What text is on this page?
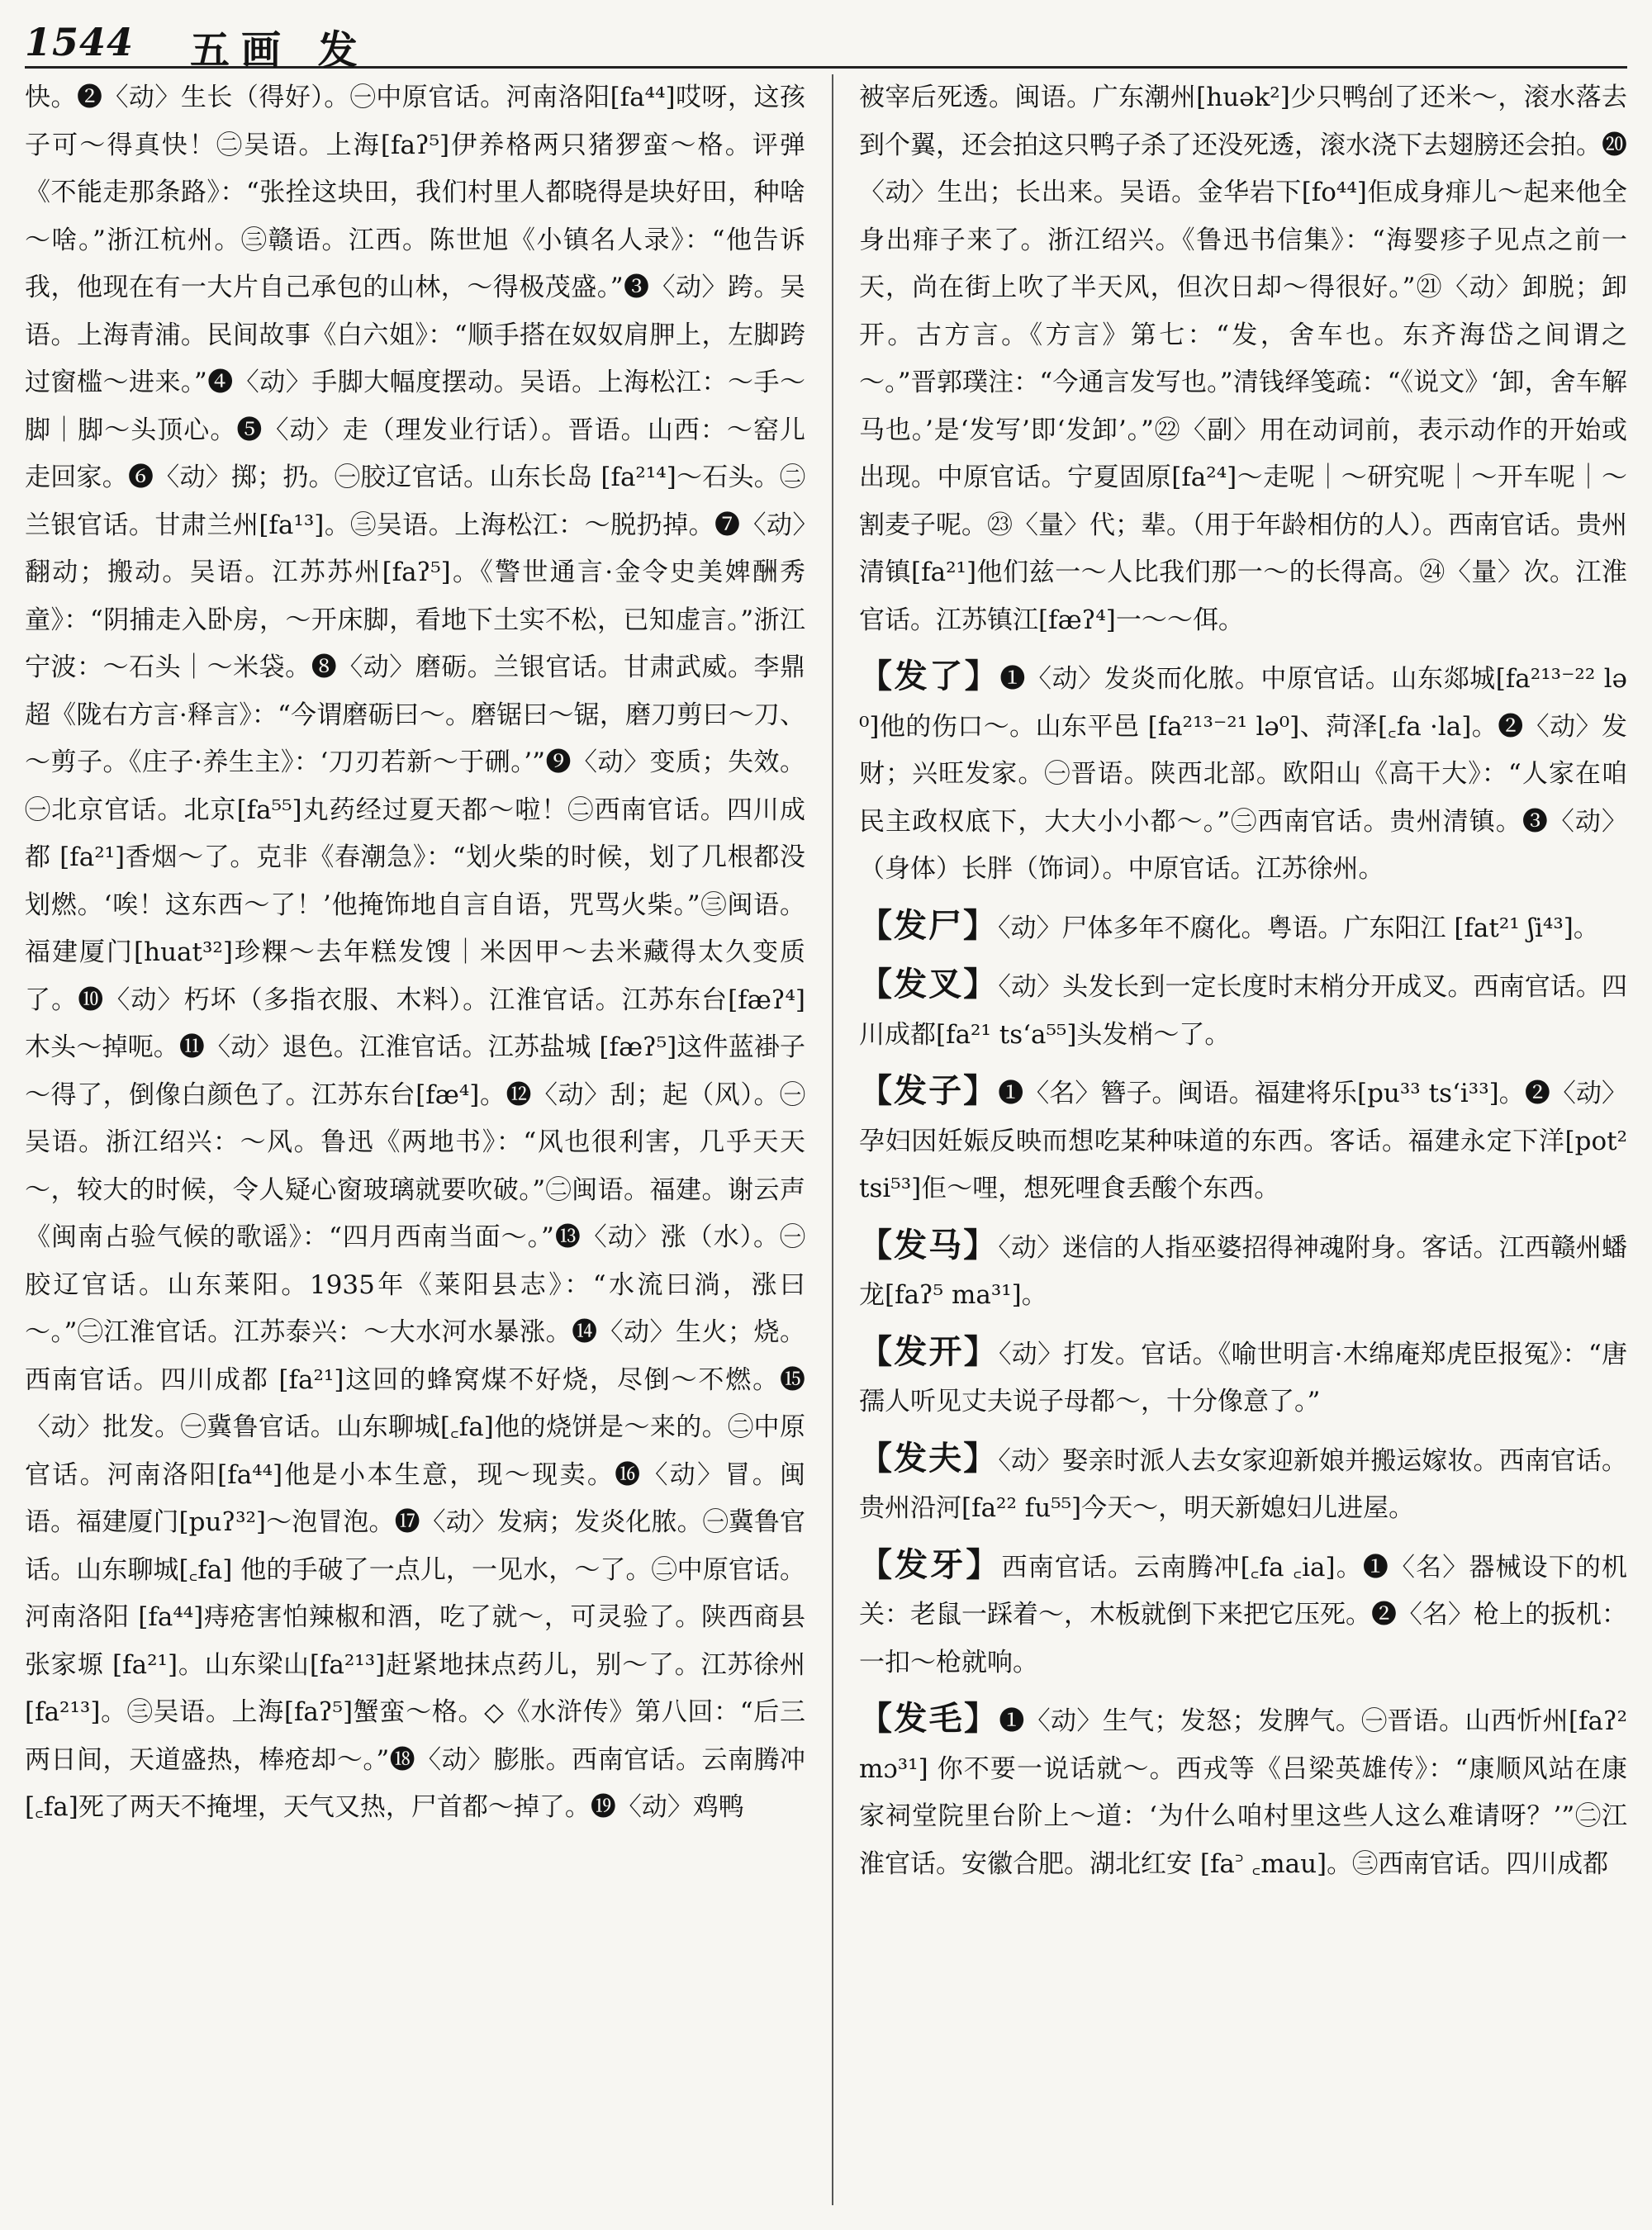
1544 五画 发

快。❷〈动〉生长（得好）。㊀中原官话。河南洛阳[fa⁴⁴]哎呀，这孩子可～得真快！㊁吴语。上海[faʔ⁵]伊养格两只猪猡蛮～格。评弹《不能走那条路》：“张拴这块田，我们村里人都晓得是块好田，种啥～啥。”浙江杭州。㊂赣语。江西。陈世旭《小镇名人录》：“他告诉我，他现在有一大片自己承包的山林，～得极茂盛。”❸〈动〉跨。吴语。上海青浦。民间故事《白六姐》：“顺手搭在奴奴肩胛上，左脚跨过窗槛～进来。”❹〈动〉手脚大幅度摆动。吴语。上海松江：～手～脚｜脚～头顶心。❺〈动〉走（理发业行话）。晋语。山西：～窑儿走回家。❻〈动〉掷；扔。㊀胶辽官话。山东长岛 [fa²¹⁴]～石头。㊁兰银官话。甘肃兰州[fa¹³]。㊂吴语。上海松江：～脱扔掉。❼〈动〉翻动；搬动。吴语。江苏苏州[faʔ⁵]。《警世通言·金令史美婢酬秀童》：“阴捕走入卧房，～开床脚，看地下土实不松，已知虚言。”浙江宁波：～石头｜～米袋。❽〈动〉磨砺。兰银官话。甘肃武威。李鼎超《陇右方言·释言》：“今谓磨砺曰～。磨锯曰～锯，磨刀剪曰～刀、～剪子。《庄子·养生主》：‘刀刃若新～于硎。’”❾〈动〉变质；失效。㊀北京官话。北京[fa⁵⁵]丸药经过夏天都～啦！㊁西南官话。四川成都 [fa²¹]香烟～了。克非《春潮急》：“划火柴的时候，划了几根都没划燃。‘唉！这东西～了！’他掩饰地自言自语，咒骂火柴。”㊂闽语。福建厦门[huat³²]珍粿～去年糕发馊｜米因甲～去米藏得太久变质了。❿〈动〉朽坏（多指衣服、木料）。江淮官话。江苏东台[fæʔ⁴]木头～掉呃。⓫〈动〉退色。江淮官话。江苏盐城 [fæʔ⁵]这件蓝褂子～得了，倒像白颜色了。江苏东台[fæ⁴]。⓬〈动〉刮；起（风）。㊀吴语。浙江绍兴：～风。鲁迅《两地书》：“风也很利害，几乎天天～，较大的时候，令人疑心窗玻璃就要吹破。”㊁闽语。福建。谢云声《闽南占验气候的歌谣》：“四月西南当面～。”⓭〈动〉涨（水）。㊀胶辽官话。山东莱阳。1935年《莱阳县志》：“水流曰淌，涨曰～。”㊁江淮官话。江苏泰兴：～大水河水暴涨。⓮〈动〉生火；烧。西南官话。四川成都 [fa²¹]这回的蜂窝煤不好烧，尽倒～不燃。⓯〈动〉批发。㊀冀鲁官话。山东聊城[꜀fa]他的烧饼是～来的。㊁中原官话。河南洛阳[fa⁴⁴]他是小本生意，现～现卖。⓰〈动〉冒。闽语。福建厦门[puʔ³²]～泡冒泡。⓱〈动〉发病；发炎化脓。㊀冀鲁官话。山东聊城[꜀fa] 他的手破了一点儿，一见水，～了。㊁中原官话。河南洛阳 [fa⁴⁴]痔疮害怕辣椒和酒，吃了就～，可灵验了。陕西商县张家塬 [fa²¹]。山东梁山[fa²¹³]赶紧地抹点药儿，别～了。江苏徐州[fa²¹³]。㊂吴语。上海[faʔ⁵]蟹蛮～格。◇《水浒传》第八回：“后三两日间，天道盛热，棒疮却～。”⓲〈动〉膨胀。西南官话。云南腾冲 [꜀fa]死了两天不掩埋，天气又热，尸首都～掉了。⓳〈动〉鸡鸭

被宰后死透。闽语。广东潮州[huək²]少只鸭刣了还米～，滚水落去到个翼，还会拍这只鸭子杀了还没死透，滚水浇下去翅膀还会拍。⓴〈动〉生出；长出来。吴语。金华岩下[fo⁴⁴]佢成身痱儿～起来他全身出痱子来了。浙江绍兴。《鲁迅书信集》：“海婴疹子见点之前一天，尚在街上吹了半天风，但次日却～得很好。”㉑〈动〉卸脱；卸开。古方言。《方言》第七：“发，舍车也。东齐海岱之间谓之～。”晋郭璞注：“今通言发写也。”清钱绎笺疏：“《说文》‘卸，舍车解马也。’是‘发写’即‘发卸’。”㉒〈副〉用在动词前，表示动作的开始或出现。中原官话。宁夏固原[fa²⁴]～走呢｜～研究呢｜～开车呢｜～割麦子呢。㉓〈量〉代；辈。（用于年龄相仿的人）。西南官话。贵州清镇[fa²¹]他们兹一～人比我们那一～的长得高。㉔〈量〉次。江淮官话。江苏镇江[fæʔ⁴]一～～佴。

【发了】❶〈动〉发炎而化脓。中原官话。山东郯城[fa²¹³⁻²² lə⁰]他的伤口～。山东平邑 [fa²¹³⁻²¹ lə⁰]、菏泽[꜀fa ·la]。❷〈动〉发财；兴旺发家。㊀晋语。陕西北部。欧阳山《高干大》：“人家在咱民主政权底下，大大小小都～。”㊁西南官话。贵州清镇。❸〈动〉（身体）长胖（饰词）。中原官话。江苏徐州。

【发尸】〈动〉尸体多年不腐化。粤语。广东阳江 [fat²¹ ʃi⁴³]。

【发叉】〈动〉头发长到一定长度时末梢分开成叉。西南官话。四川成都[fa²¹ tsʻa⁵⁵]头发梢～了。

【发子】❶〈名〉簪子。闽语。福建将乐[pu³³ tsʻi³³]。❷〈动〉孕妇因妊娠反映而想吃某种味道的东西。客话。福建永定下洋[pot² tsi⁵³]佢～哩，想死哩食丢酸个东西。

【发马】〈动〉迷信的人指巫婆招得神魂附身。客话。江西赣州蟠龙[faʔ⁵ ma³¹]。

【发开】〈动〉打发。官话。《喻世明言·木绵庵郑虎臣报冤》：“唐孺人听见丈夫说子母都～，十分像意了。”

【发夫】〈动〉娶亲时派人去女家迎新娘并搬运嫁妆。西南官话。贵州沿河[fa²² fu⁵⁵]今天～，明天新媳妇儿进屋。

【发牙】西南官话。云南腾冲[꜀fa ꜀ia]。❶〈名〉器械设下的机关：老鼠一踩着～，木板就倒下来把它压死。❷〈名〉枪上的扳机：一扣～枪就响。

【发毛】❶〈动〉生气；发怒；发脾气。㊀晋语。山西忻州[faʔ² mɔ³¹] 你不要一说话就～。西戎等《吕梁英雄传》：“康顺风站在康家祠堂院里台阶上～道：‘为什么咱村里这些人这么难请呀？’”㊁江淮官话。安徽合肥。湖北红安 [fa꜄ ꜀mau]。㊂西南官话。四川成都
